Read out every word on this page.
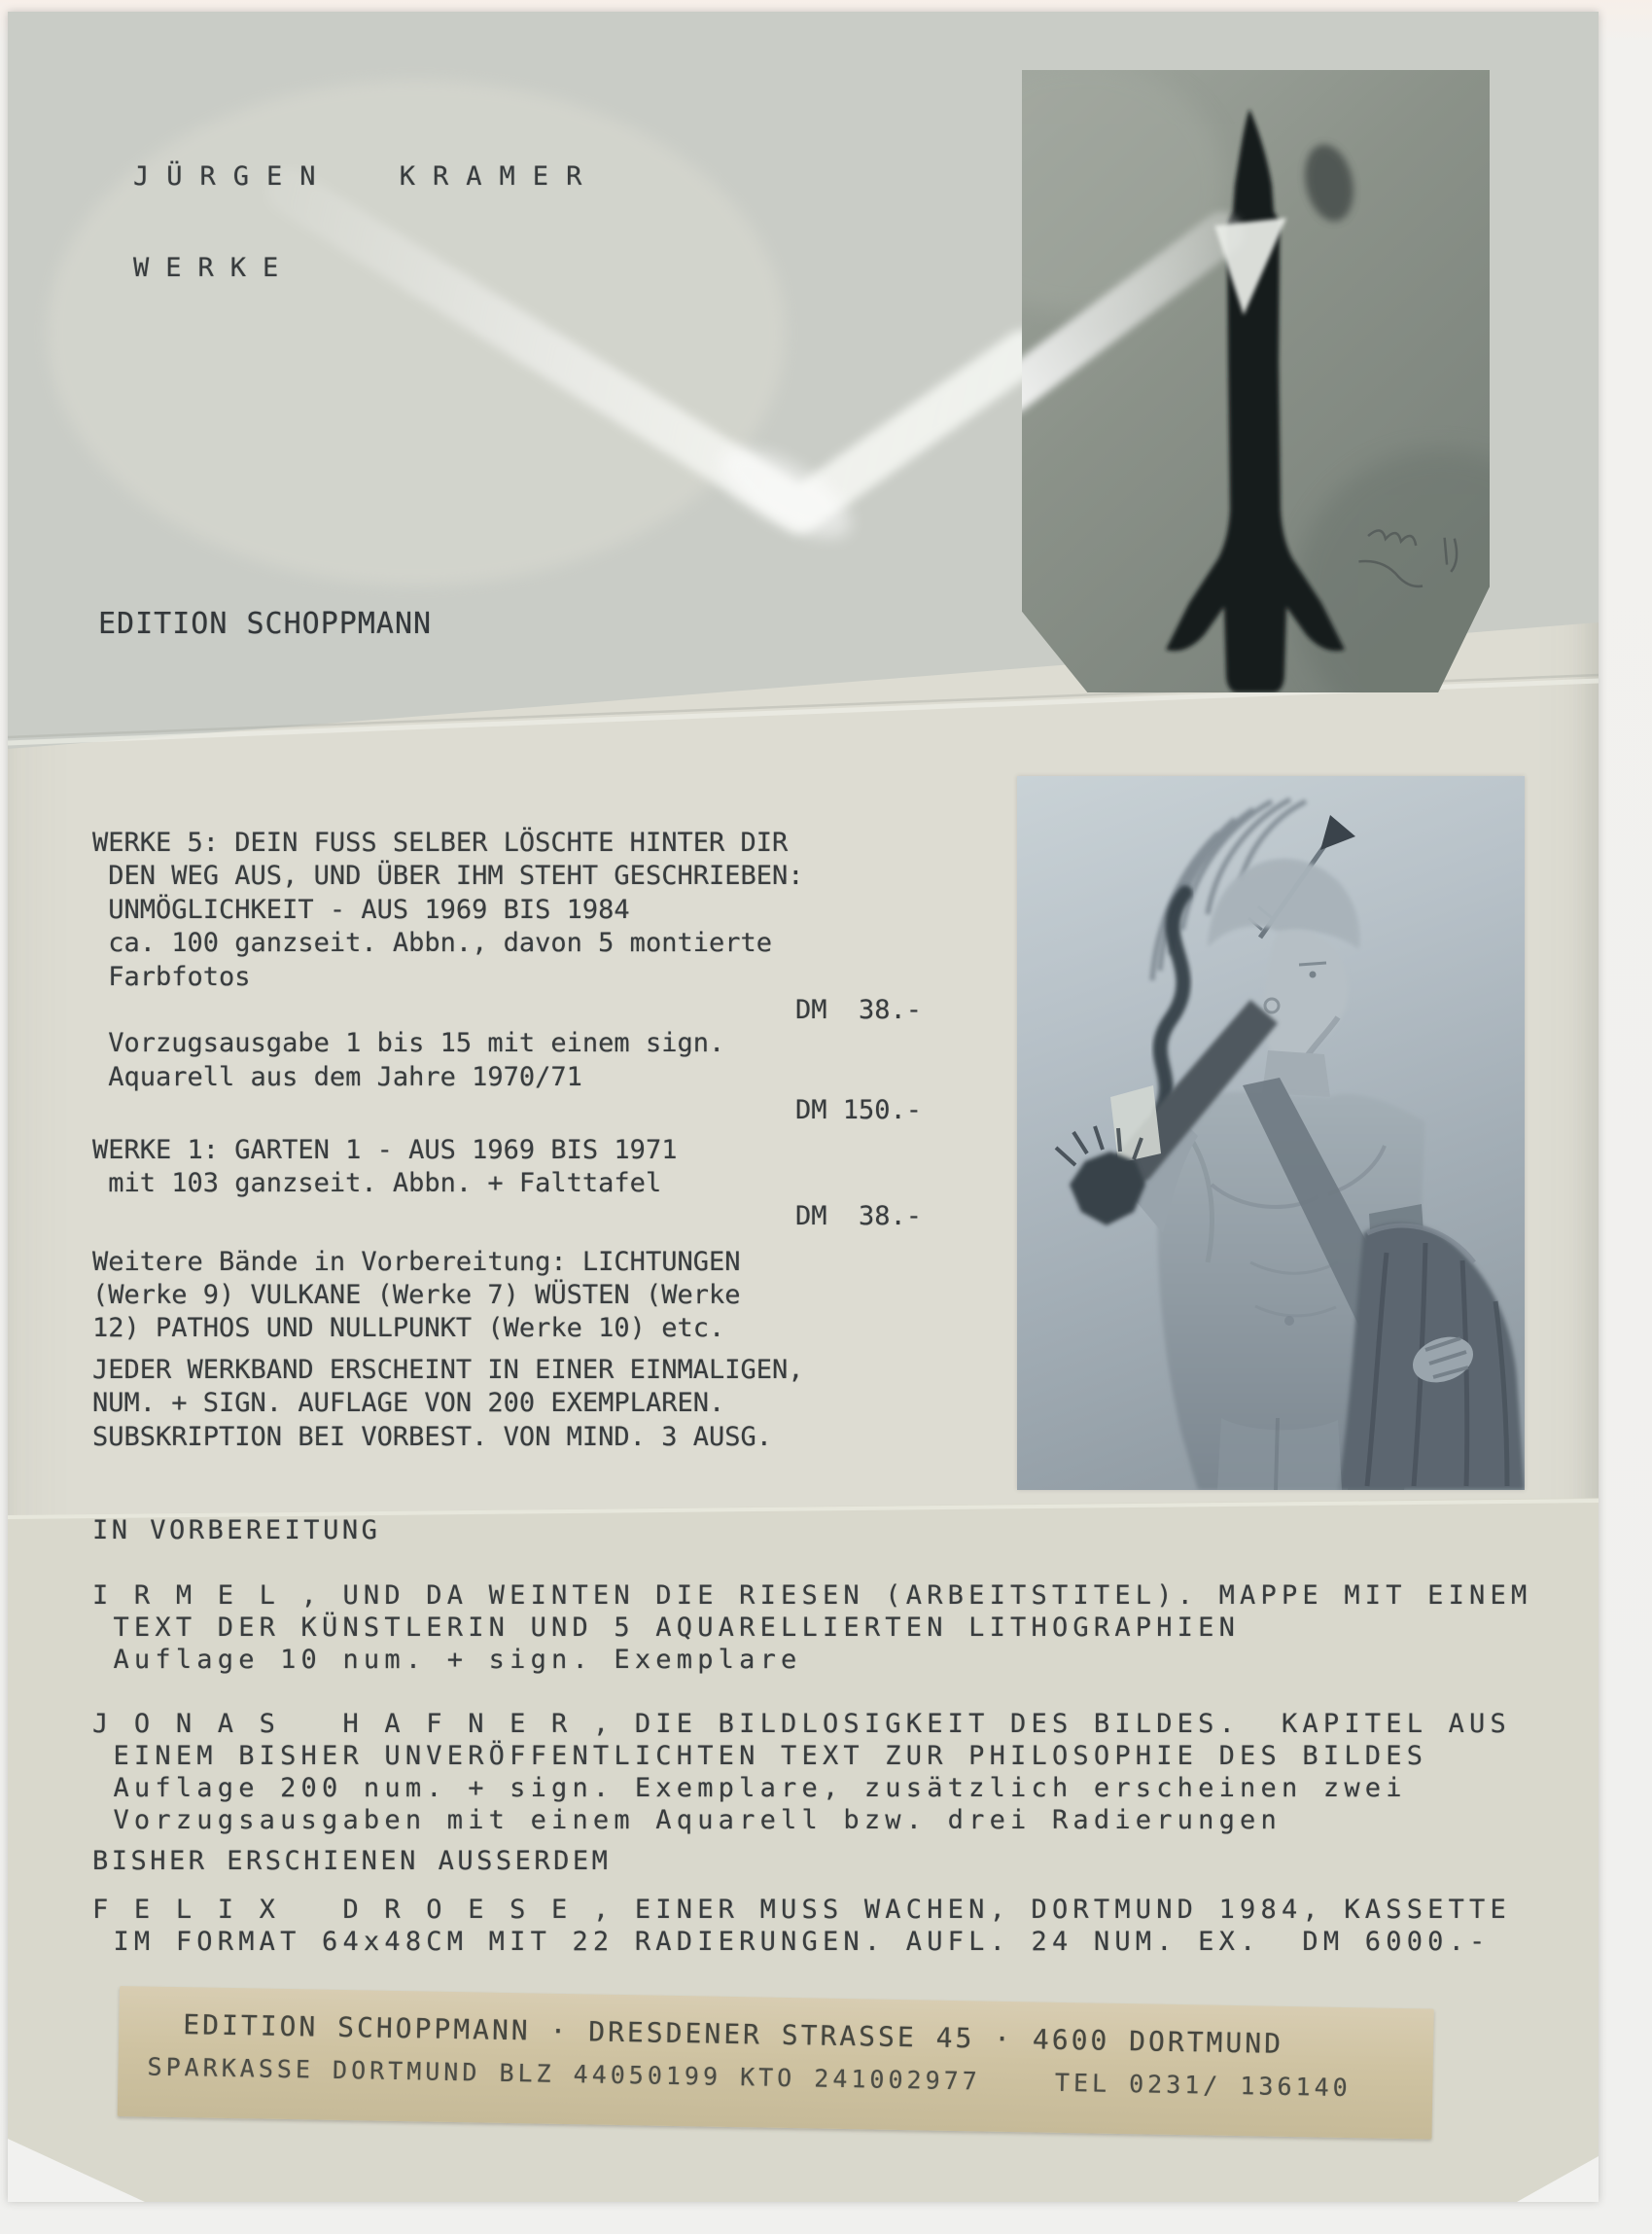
JÜRGEN KRAMER
WERKE
EDITION SCHOPPMANN
WERKE 5: DEIN FUSS SELBER LÖSCHTE HINTER DIR
DEN WEG AUS, UND ÜBER IHM STEHT GESCHRIEBEN:
UNMÖGLICHKEIT - AUS 1969 BIS 1984
ca. 100 ganzseit. Abbn., davon 5 montierte
Farbfotos
DM  38.-
Vorzugsausgabe 1 bis 15 mit einem sign.
Aquarell aus dem Jahre 1970/71
DM 150.-
WERKE 1: GARTEN 1 - AUS 1969 BIS 1971
mit 103 ganzseit. Abbn. + Falttafel
DM  38.-
Weitere Bände in Vorbereitung: LICHTUNGEN
(Werke 9) VULKANE (Werke 7) WÜSTEN (Werke
12) PATHOS UND NULLPUNKT (Werke 10) etc.
JEDER WERKBAND ERSCHEINT IN EINER EINMALIGEN,
NUM. + SIGN. AUFLAGE VON 200 EXEMPLAREN.
SUBSKRIPTION BEI VORBEST. VON MIND. 3 AUSG.
IN VORBEREITUNG
I R M E L , UND DA WEINTEN DIE RIESEN (ARBEITSTITEL). MAPPE MIT EINEM
TEXT DER KÜNSTLERIN UND 5 AQUARELLIERTEN LITHOGRAPHIEN
Auflage 10 num. + sign. Exemplare
J O N A S   H A F N E R , DIE BILDLOSIGKEIT DES BILDES.  KAPITEL AUS
EINEM BISHER UNVERÖFFENTLICHTEN TEXT ZUR PHILOSOPHIE DES BILDES
Auflage 200 num. + sign. Exemplare, zusätzlich erscheinen zwei
Vorzugsausgaben mit einem Aquarell bzw. drei Radierungen
BISHER ERSCHIENEN AUSSERDEM
F E L I X   D R O E S E , EINER MUSS WACHEN, DORTMUND 1984, KASSETTE
IM FORMAT 64x48CM MIT 22 RADIERUNGEN. AUFL. 24 NUM. EX.  DM 6000.-
EDITION SCHOPPMANN · DRESDENER STRASSE 45 · 4600 DORTMUND
SPARKASSE DORTMUND BLZ 44050199 KTO 241002977    TEL 0231/ 136140
